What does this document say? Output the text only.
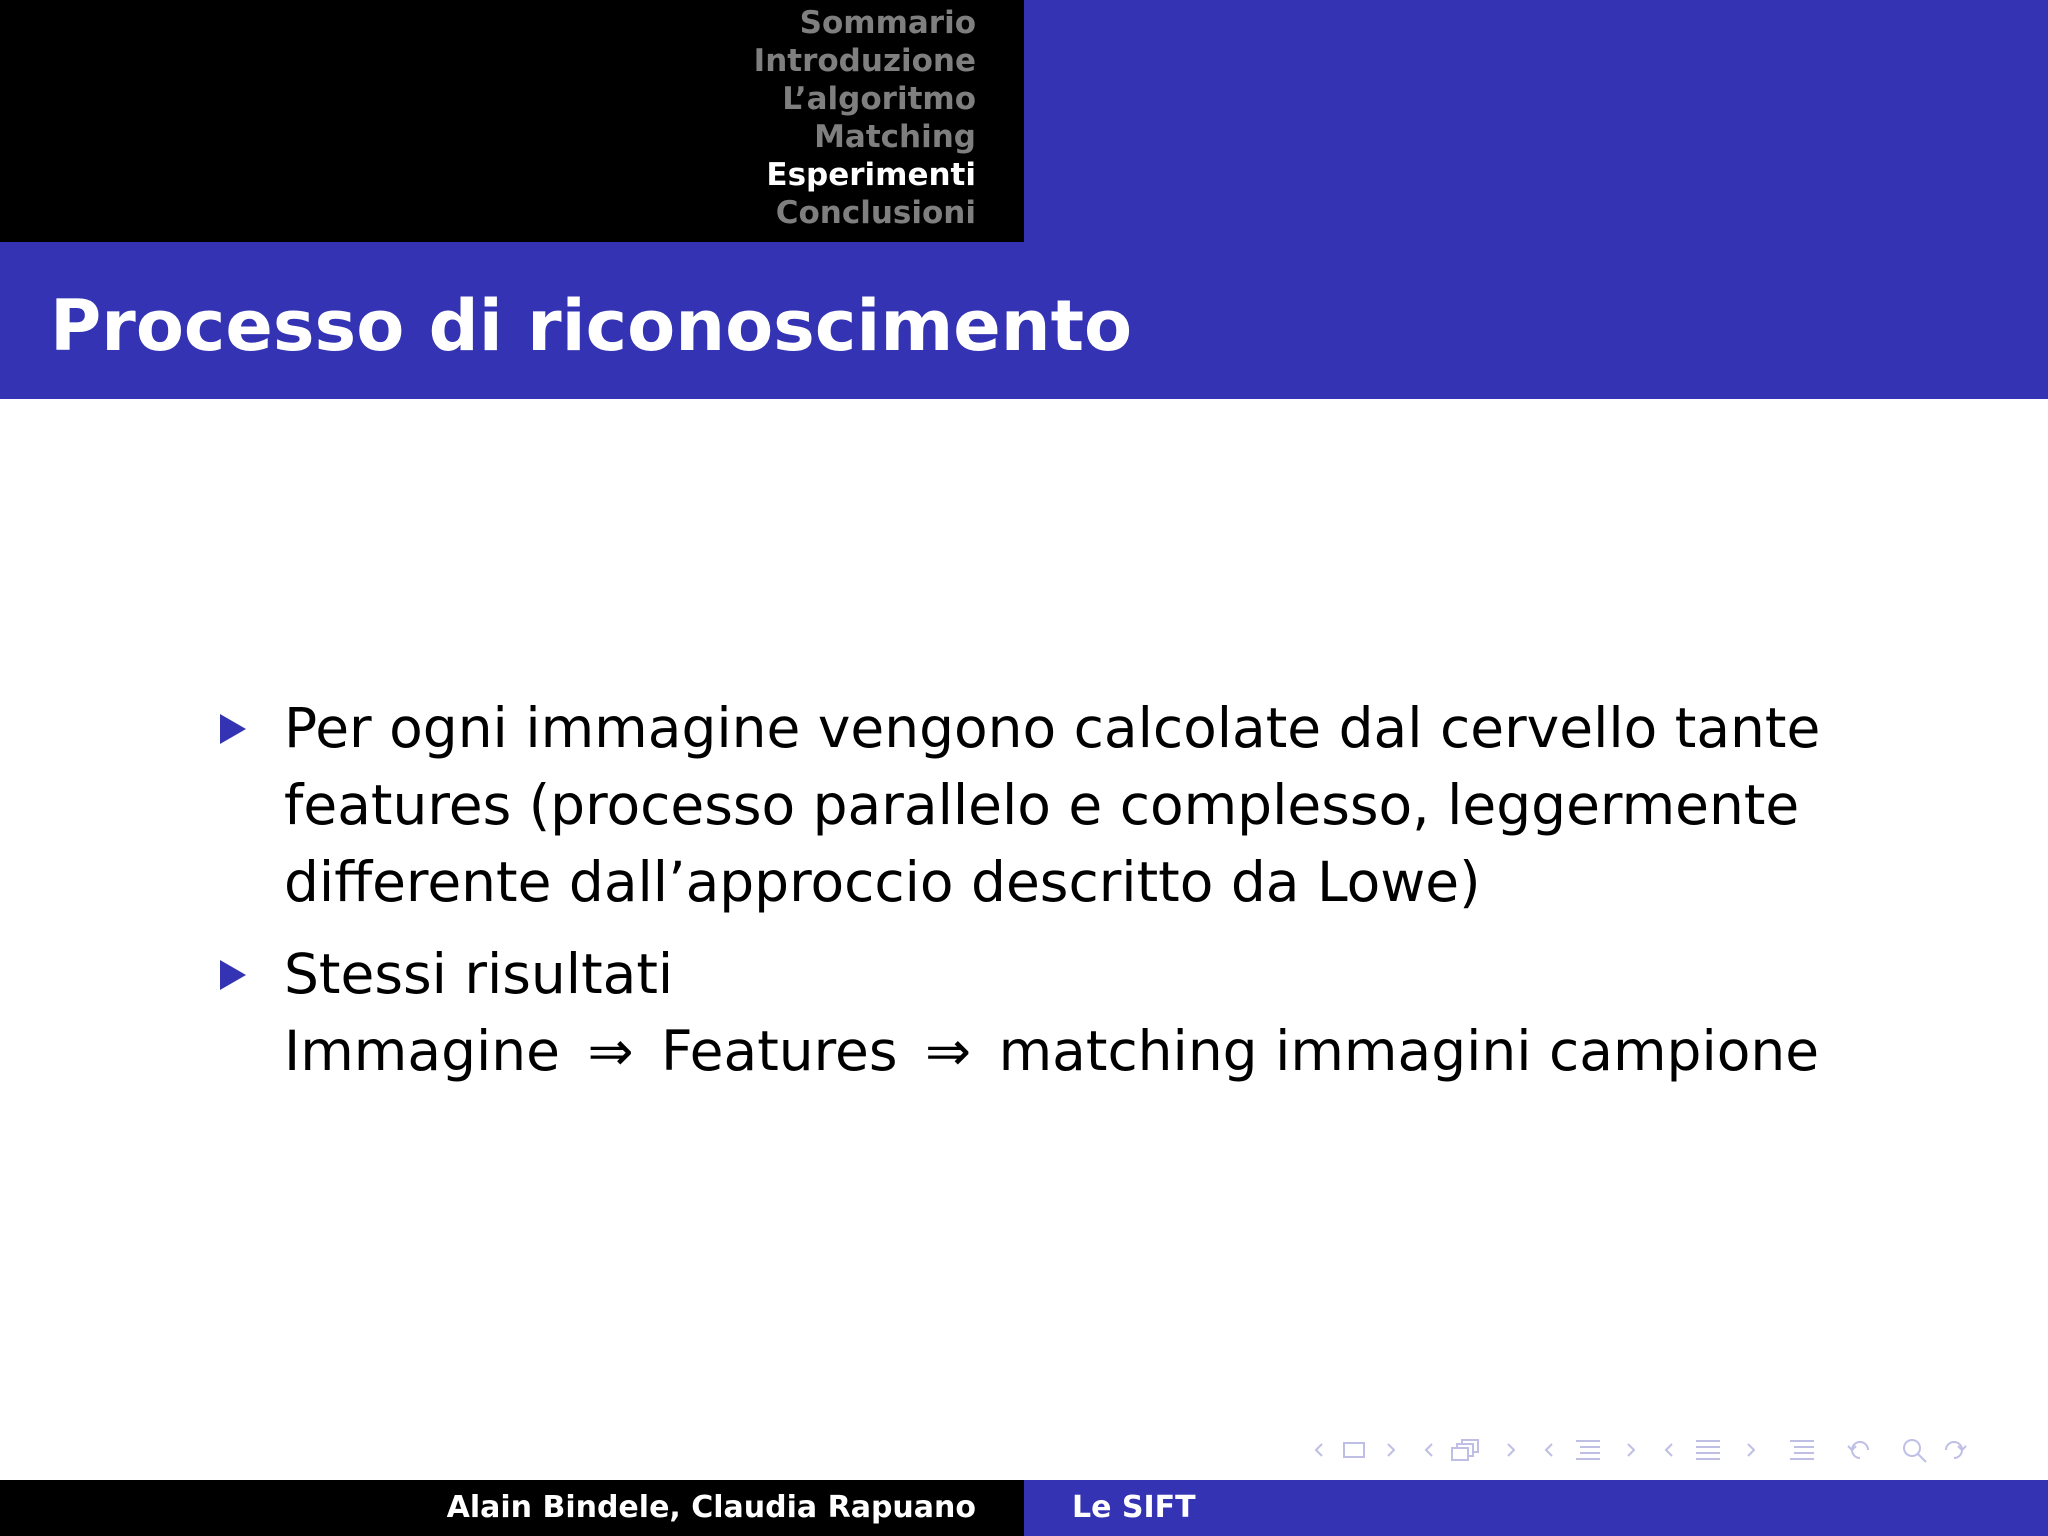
Sommario
Introduzione
L’algoritmo
Matching
Esperimenti
Conclusioni
Processo di riconoscimento
Per ogni immagine vengono calcolate dal cervello tante
features (processo parallelo e complesso, leggermente
differente dall’approccio descritto da Lowe)
Stessi risultati
Immagine ⇒ Features ⇒ matching immagini campione
Alain Bindele, Claudia Rapuano	Le SIFT
